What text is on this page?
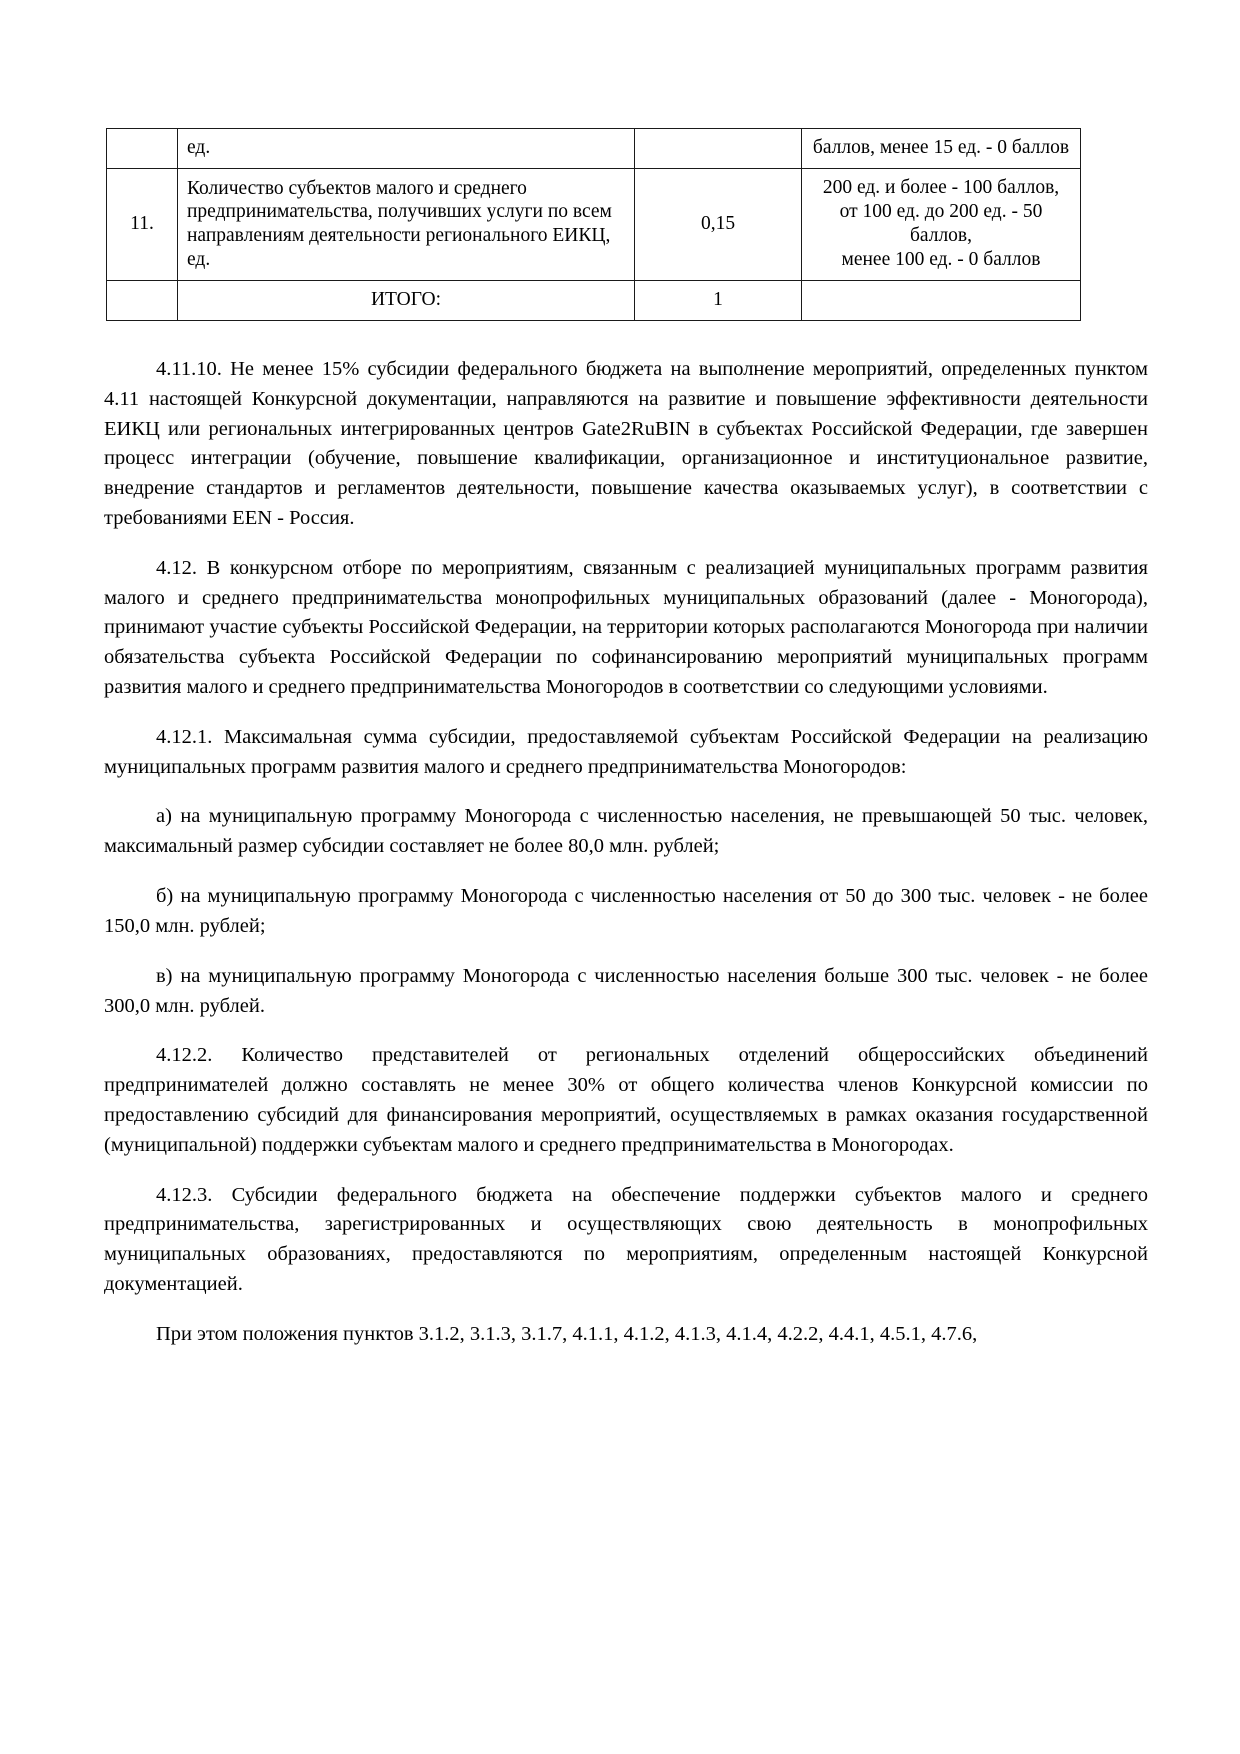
	ед.		баллов, менее 15 ед. - 0 баллов
11.	Количество субъектов малого и среднего предпринимательства, получивших услуги по всем направлениям деятельности регионального ЕИКЦ, ед.	0,15	200 ед. и более - 100 баллов,
от 100 ед. до 200 ед. - 50 баллов,
менее 100 ед. - 0 баллов

	ИТОГО:	1	

4.11.10. Не менее 15% субсидии федерального бюджета на выполнение мероприятий, определенных пунктом 4.11 настоящей Конкурсной документации, направляются на развитие и повышение эффективности деятельности ЕИКЦ или региональных интегрированных центров Gate2RuBIN в субъектах Российской Федерации, где завершен процесс интеграции (обучение, повышение квалификации, организационное и институциональное развитие, внедрение стандартов и регламентов деятельности, повышение качества оказываемых услуг), в соответствии с требованиями EEN - Россия.

4.12. В конкурсном отборе по мероприятиям, связанным с реализацией муниципальных программ развития малого и среднего предпринимательства монопрофильных муниципальных образований (далее - Моногорода), принимают участие субъекты Российской Федерации, на территории которых располагаются Моногорода при наличии обязательства субъекта Российской Федерации по софинансированию мероприятий муниципальных программ развития малого и среднего предпринимательства Моногородов в соответствии со следующими условиями.

4.12.1. Максимальная сумма субсидии, предоставляемой субъектам Российской Федерации на реализацию муниципальных программ развития малого и среднего предпринимательства Моногородов:

а) на муниципальную программу Моногорода с численностью населения, не превышающей 50 тыс. человек, максимальный размер субсидии составляет не более 80,0 млн. рублей;

б) на муниципальную программу Моногорода с численностью населения от 50 до 300 тыс. человек - не более 150,0 млн. рублей;

в) на муниципальную программу Моногорода с численностью населения больше 300 тыс. человек - не более 300,0 млн. рублей.

4.12.2. Количество представителей от региональных отделений общероссийских объединений предпринимателей должно составлять не менее 30% от общего количества членов Конкурсной комиссии по предоставлению субсидий для финансирования мероприятий, осуществляемых в рамках оказания государственной (муниципальной) поддержки субъектам малого и среднего предпринимательства в Моногородах.

4.12.3. Субсидии федерального бюджета на обеспечение поддержки субъектов малого и среднего предпринимательства, зарегистрированных и осуществляющих свою деятельность в монопрофильных муниципальных образованиях, предоставляются по мероприятиям, определенным настоящей Конкурсной документацией.

При этом положения пунктов 3.1.2, 3.1.3, 3.1.7, 4.1.1, 4.1.2, 4.1.3, 4.1.4, 4.2.2, 4.4.1, 4.5.1, 4.7.6,
